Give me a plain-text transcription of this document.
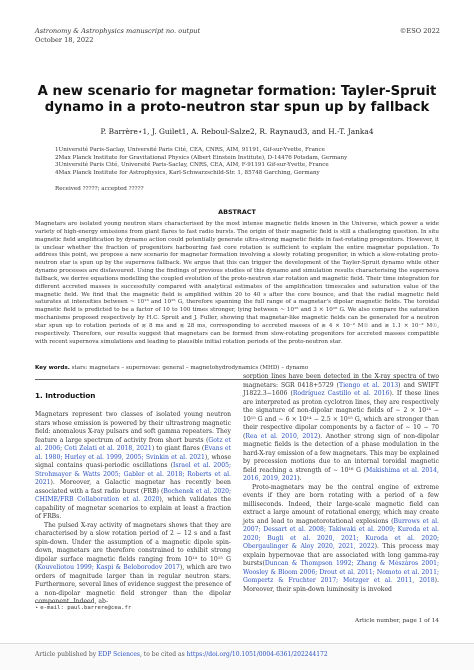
Astronomy & Astrophysics manuscript no. output
October 18, 2022
©ESO 2022
A new scenario for magnetar formation: Tayler-Spruit dynamo in a proto-neutron star spun up by fallback
P. Barrère⁠⋆1, J. Guilet1, A. Reboul-Salze2, R. Raynaud3, and H.-T. Janka4
1Université Paris-Saclay, Université Paris Cité, CEA, CNRS, AIM, 91191, Gif-sur-Yvette, France
2Max Planck Institute for Gravitational Physics (Albert Einstein Institute), D-14476 Potsdam, Germany
3Université Paris Cité, Université Paris-Saclay, CNRS, CEA, AIM, F-91191 Gif-sur-Yvette, France
4Max Planck Institute for Astrophysics, Karl-Schwarzschild-Str. 1, 85748 Garching, Germany
Received ?????; accepted ?????
ABSTRACT
Magnetars are isolated young neutron stars characterised by the most intense magnetic fields known in the Universe, which power a wide variety of high-energy emissions from giant flares to fast radio bursts. The origin of their magnetic field is still a challenging question. In situ magnetic field amplification by dynamo action could potentially generate ultra-strong magnetic fields in fast-rotating progenitors. However, it is unclear whether the fraction of progenitors harbouring fast core rotation is sufficient to explain the entire magnetar population. To address this point, we propose a new scenario for magnetar formation involving a slowly rotating progenitor, in which a slow-rotating proto-neutron star is spun up by the supernova fallback. We argue that this can trigger the development of the Tayler-Spruit dynamo while other dynamo processes are disfavoured. Using the findings of previous studies of this dynamo and simulation results characterising the supernova fallback, we derive equations modelling the coupled evolution of the proto-neutron star rotation and magnetic field. Their time integration for different accreted masses is successfully compared with analytical estimates of the amplification timescales and saturation value of the magnetic field. We find that the magnetic field is amplified within 20 to 40 s after the core bounce, and that the radial magnetic field saturates at intensities between ~ 10¹³ and 10¹⁵ G, therefore spanning the full range of a magnetar’s dipolar magnetic fields. The toroidal magnetic field is predicted to be a factor of 10 to 100 times stronger, lying between ~ 10¹⁵ and 3 × 10¹⁶ G. We also compare the saturation mechanisms proposed respectively by H.C. Spruit and J. Fuller, showing that magnetar-like magnetic fields can be generated for a neutron star spun up to rotation periods of ≲ 8 ms and ≲ 28 ms, corresponding to accreted masses of ≳ 4 × 10⁻² M☉ and ≳ 1.1 × 10⁻² M☉, respectively. Therefore, our results suggest that magnetars can be formed from slow-rotating progenitors for accreted masses compatible with recent supernova simulations and leading to plausible initial rotation periods of the proto-neutron star.
Key words. stars: magnetars – supernovae: general – magnetohydrodynamics (MHD) – dynamo
1. Introduction

Magnetars represent two classes of isolated young neutron stars whose emission is powered by their ultrastrong magnetic field: anomalous X-ray pulsars and soft gamma repeaters. They feature a large spectrum of activity from short bursts (Gotz et al. 2006; Coti Zelati et al. 2018, 2021) to giant flares (Evans et al. 1980; Hurley et al. 1999, 2005; Svinkin et al. 2021), whose signal contains quasi-periodic oscillations (Israel et al. 2005; Strohmayer & Watts 2005; Gabler et al. 2018; Roberts et al. 2021). Moreover, a Galactic magnetar has recently been associated with a fast radio burst (FRB) (Bochenek et al. 2020; CHIME/FRB Collaboration et al. 2020), which validates the capability of magnetar scenarios to explain at least a fraction of FRBs.

The pulsed X-ray activity of magnetars shows that they are characterised by a slow rotation period of 2 − 12 s and a fast spin-down. Under the assumption of a magnetic dipole spin-down, magnetars are therefore constrained to exhibit strong dipolar surface magnetic fields ranging from 10¹⁴ to 10¹⁵ G (Kouveliotou 1999; Kaspi & Beloborodov 2017), which are two orders of magnitude larger than in regular neutron stars. Furthermore, several lines of evidence suggest the presence of a non-dipolar magnetic field stronger than the dipolar component. Indeed, ab-

sorption lines have been detected in the X-ray spectra of two magnetars: SGR 0418+5729 (Tiengo et al. 2013) and SWIFT J1822.3−1606 (Rodríguez Castillo et al. 2016). If these lines are interpreted as proton cyclotron lines, they are respectively the signature of non-dipolar magnetic fields of ∼ 2 × 10¹⁴ − 10¹⁵ G and ∼ 6 × 10¹⁴ − 2.5 × 10¹⁵ G, which are stronger than their respective dipolar components by a factor of ∼ 10 − 70 (Rea et al. 2010, 2012). Another strong sign of non-dipolar magnetic fields is the detection of a phase modulation in the hard-X-ray emission of a few magnetars. This may be explained by precession motions due to an internal toroidal magnetic field reaching a strength of ∼ 10¹⁶ G (Makishima et al. 2014, 2016, 2019, 2021).

Proto-magnetars may be the central engine of extreme events if they are born rotating with a period of a few milliseconds. Indeed, their large-scale magnetic field can extract a large amount of rotational energy, which may create jets and lead to magnetorotational explosions (Burrows et al. 2007; Dessart et al. 2008; Takiwaki et al. 2009; Kuroda et al. 2020; Bugli et al. 2020, 2021; Kuroda et al. 2020; Obergaulinger & Aloy 2020, 2021, 2022). This process may explain hypernovae that are associated with long gamma-ray bursts(Duncan & Thompson 1992; Zhang & Mészáros 2001; Woosley & Bloom 2006; Drout et al. 2011; Nomoto et al. 2011; Gompertz & Fruchter 2017; Metzger et al. 2011, 2018). Moreover, their spin-down luminosity is invoked

⋆ e-mail: paul.barrere@cea.fr
Article number, page 1 of 14
Article published by EDP Sciences, to be cited as https://doi.org/10.1051/0004-6361/202244172
